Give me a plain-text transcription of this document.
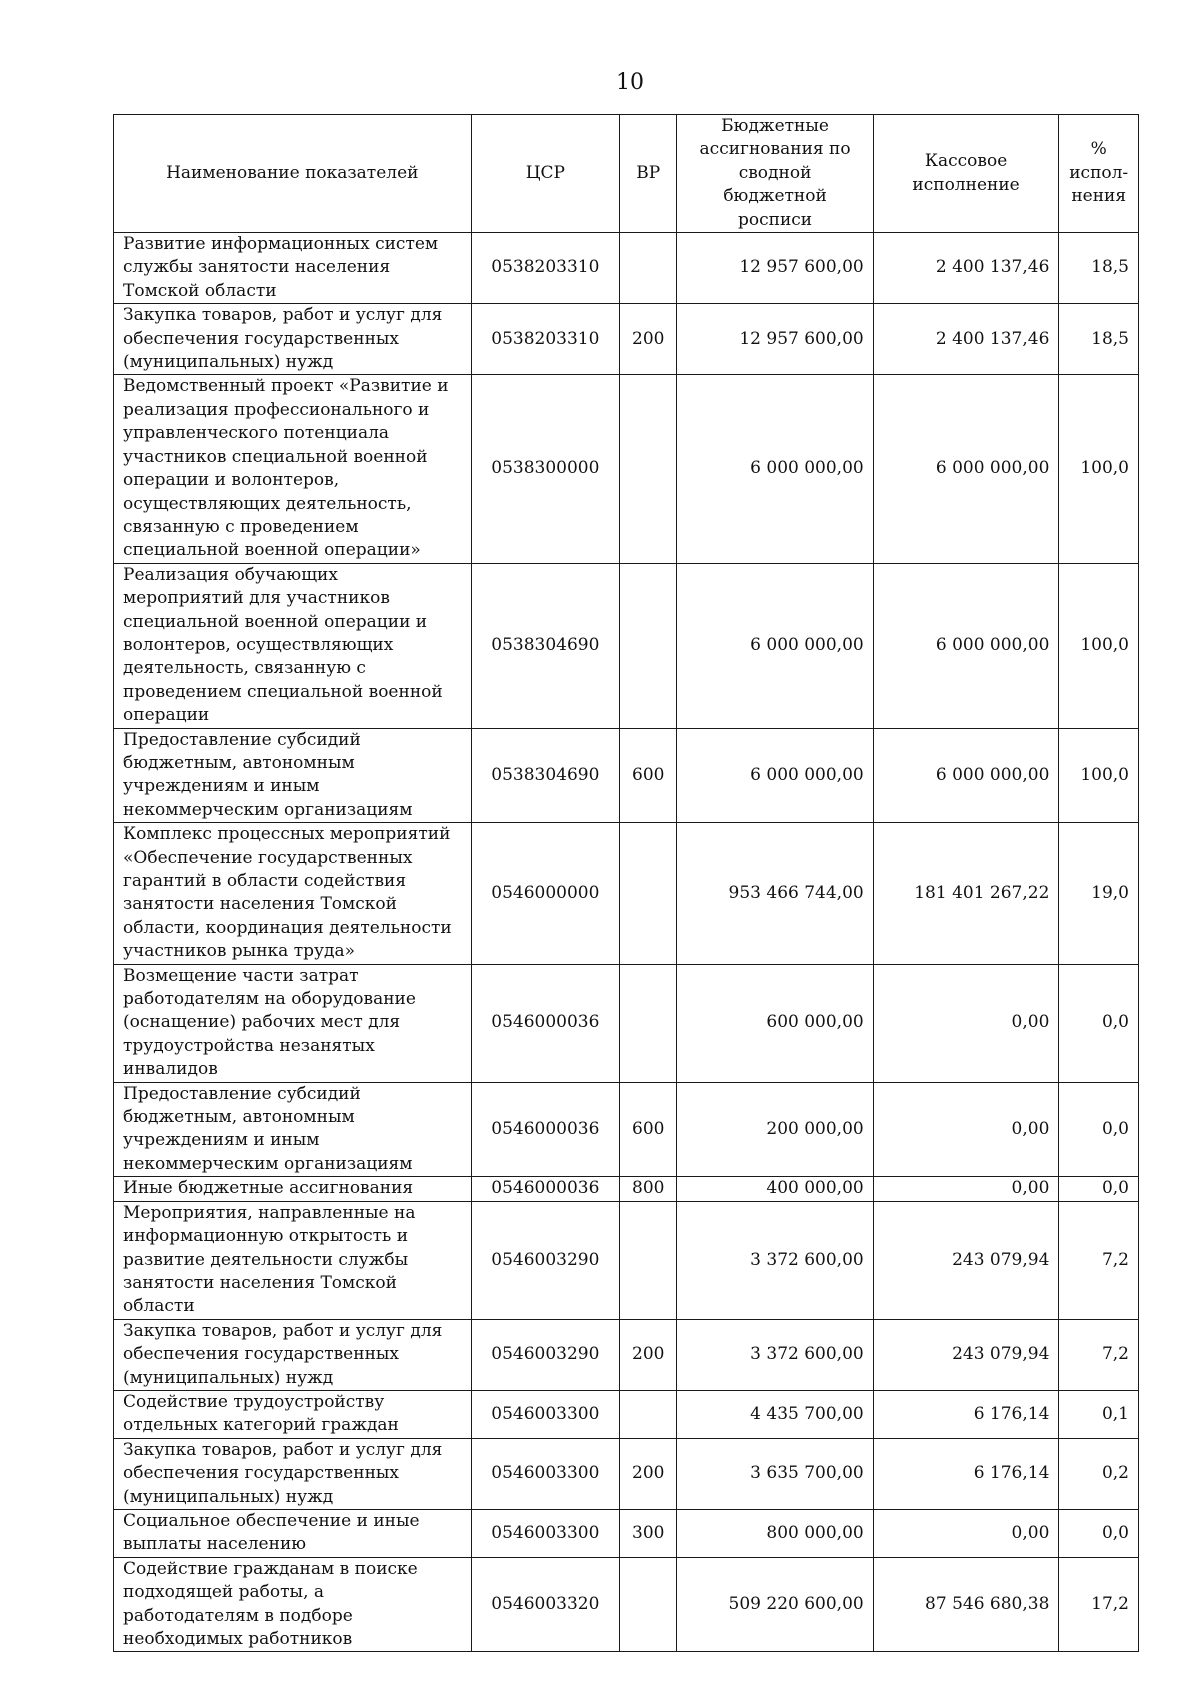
10
Наименование показателей	ЦСР	ВР	Бюджетные ассигнования по сводной бюджетной росписи	Кассовое исполнение	% испол-нения
Развитие информационных систем службы занятости населения Томской области	0538203310		12 957 600,00	2 400 137,46	18,5
Закупка товаров, работ и услуг для обеспечения государственных (муниципальных) нужд	0538203310	200	12 957 600,00	2 400 137,46	18,5
Ведомственный проект «Развитие и реализация профессионального и управленческого потенциала участников специальной военной операции и волонтеров, осуществляющих деятельность, связанную с проведением специальной военной операции»	0538300000		6 000 000,00	6 000 000,00	100,0
Реализация обучающих мероприятий для участников специальной военной операции и волонтеров, осуществляющих деятельность, связанную с проведением специальной военной операции	0538304690		6 000 000,00	6 000 000,00	100,0
Предоставление субсидий бюджетным, автономным учреждениям и иным некоммерческим организациям	0538304690	600	6 000 000,00	6 000 000,00	100,0
Комплекс процессных мероприятий «Обеспечение государственных гарантий в области содействия занятости населения Томской области, координация деятельности участников рынка труда»	0546000000		953 466 744,00	181 401 267,22	19,0
Возмещение части затрат работодателям на оборудование (оснащение) рабочих мест для трудоустройства незанятых инвалидов	0546000036		600 000,00	0,00	0,0
Предоставление субсидий бюджетным, автономным учреждениям и иным некоммерческим организациям	0546000036	600	200 000,00	0,00	0,0
Иные бюджетные ассигнования	0546000036	800	400 000,00	0,00	0,0
Мероприятия, направленные на информационную открытость и развитие деятельности службы занятости населения Томской области	0546003290		3 372 600,00	243 079,94	7,2
Закупка товаров, работ и услуг для обеспечения государственных (муниципальных) нужд	0546003290	200	3 372 600,00	243 079,94	7,2
Содействие трудоустройству отдельных категорий граждан	0546003300		4 435 700,00	6 176,14	0,1
Закупка товаров, работ и услуг для обеспечения государственных (муниципальных) нужд	0546003300	200	3 635 700,00	6 176,14	0,2
Социальное обеспечение и иные выплаты населению	0546003300	300	800 000,00	0,00	0,0
Содействие гражданам в поиске подходящей работы, а работодателям в подборе необходимых работников	0546003320		509 220 600,00	87 546 680,38	17,2
